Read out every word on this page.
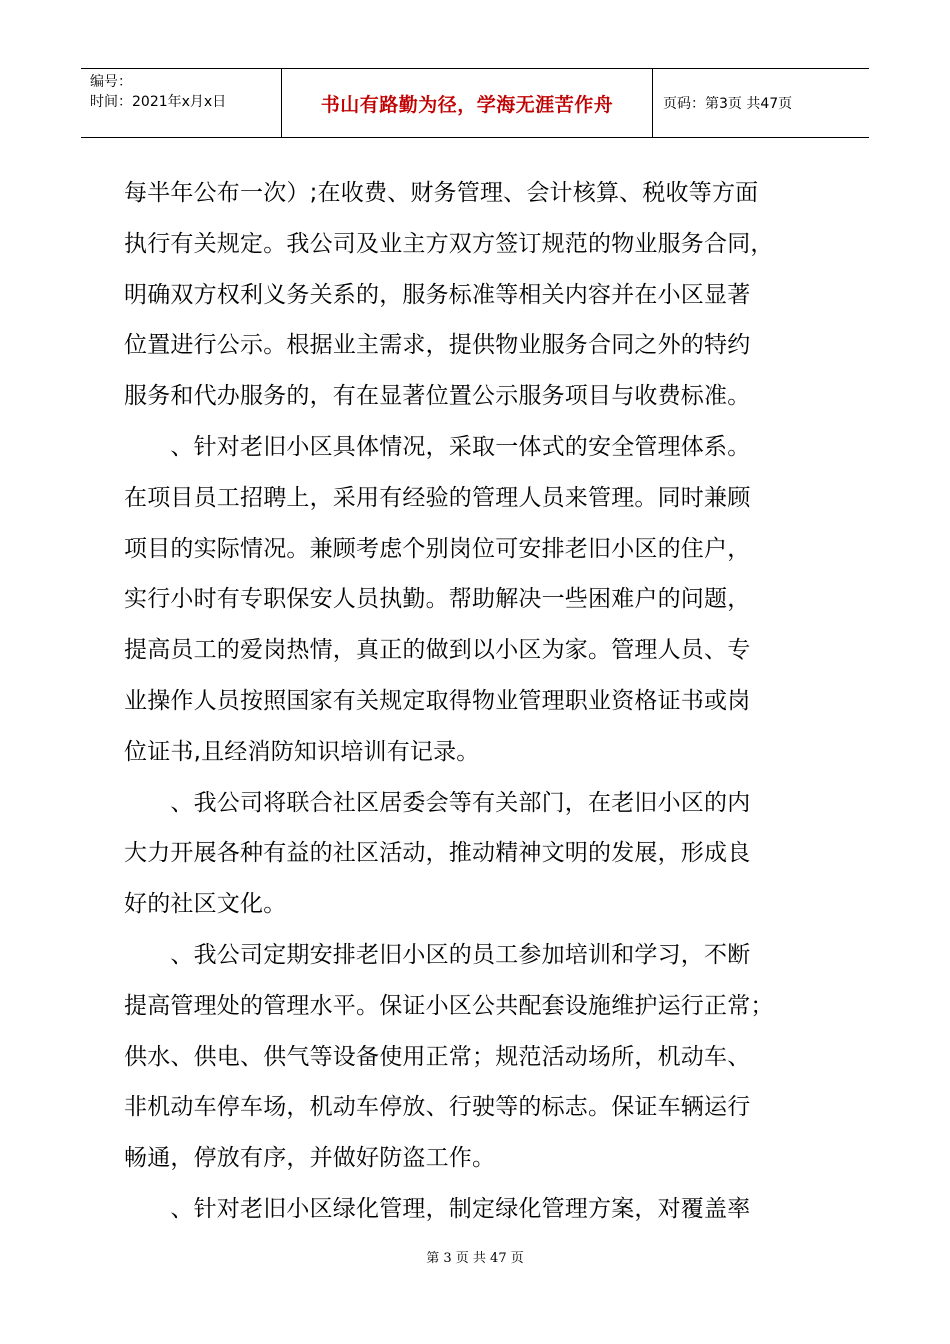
编号：
时间：2021年x月x日	书山有路勤为径，学海无涯苦作舟	页码：第3页 共47页
每半年公布一次）;在收费、财务管理、会计核算、税收等方面
执行有关规定。我公司及业主方双方签订规范的物业服务合同，
明确双方权利义务关系的，服务标准等相关内容并在小区显著
位置进行公示。根据业主需求，提供物业服务合同之外的特约
服务和代办服务的，有在显著位置公示服务项目与收费标准。
　　、针对老旧小区具体情况，采取一体式的安全管理体系。
在项目员工招聘上，采用有经验的管理人员来管理。同时兼顾
项目的实际情况。兼顾考虑个别岗位可安排老旧小区的住户，
实行小时有专职保安人员执勤。帮助解决一些困难户的问题，
提高员工的爱岗热情，真正的做到以小区为家。管理人员、专
业操作人员按照国家有关规定取得物业管理职业资格证书或岗
位证书,且经消防知识培训有记录。
　　、我公司将联合社区居委会等有关部门，在老旧小区的内
大力开展各种有益的社区活动，推动精神文明的发展，形成良
好的社区文化。
　　、我公司定期安排老旧小区的员工参加培训和学习，不断
提高管理处的管理水平。保证小区公共配套设施维护运行正常；
供水、供电、供气等设备使用正常；规范活动场所，机动车、
非机动车停车场，机动车停放、行驶等的标志。保证车辆运行
畅通，停放有序，并做好防盗工作。
　　、针对老旧小区绿化管理，制定绿化管理方案，对覆盖率
第 3 页 共 47 页
